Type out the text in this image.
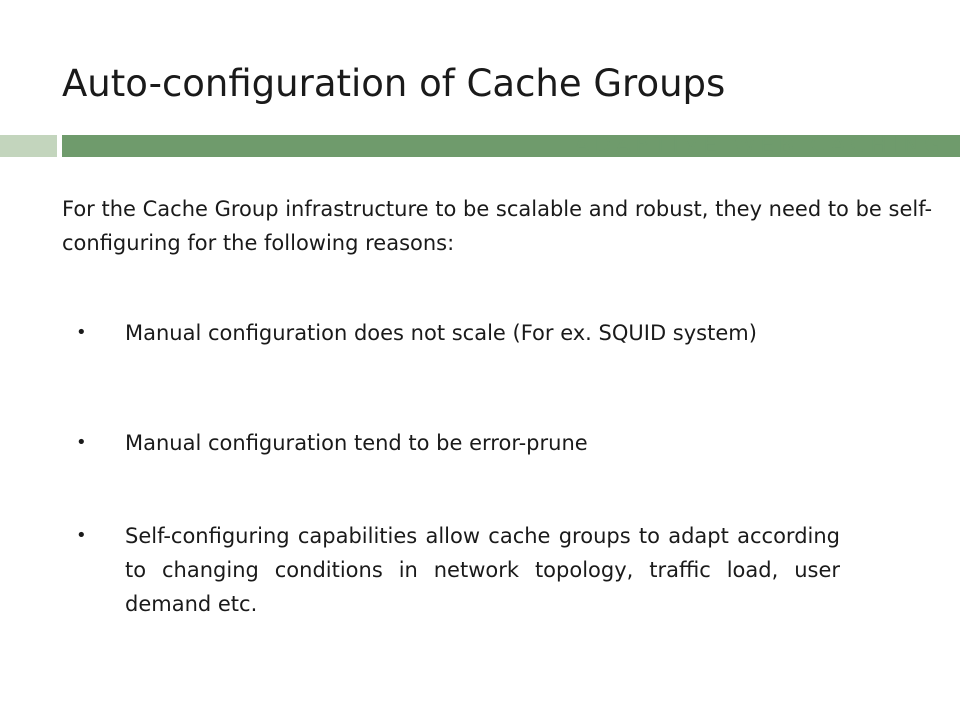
Auto-configuration of Cache Groups
ADAPTIVE WEB CACHING
For the Cache Group infrastructure to be scalable and robust, they need to be self-configuring for the following reasons:
• Manual configuration does not scale (For ex. SQUID system)
• Manual configuration tend to be error-prune
• Self-configuring capabilities allow cache groups to adapt according to changing conditions in network topology, traffic load, user demand etc.
